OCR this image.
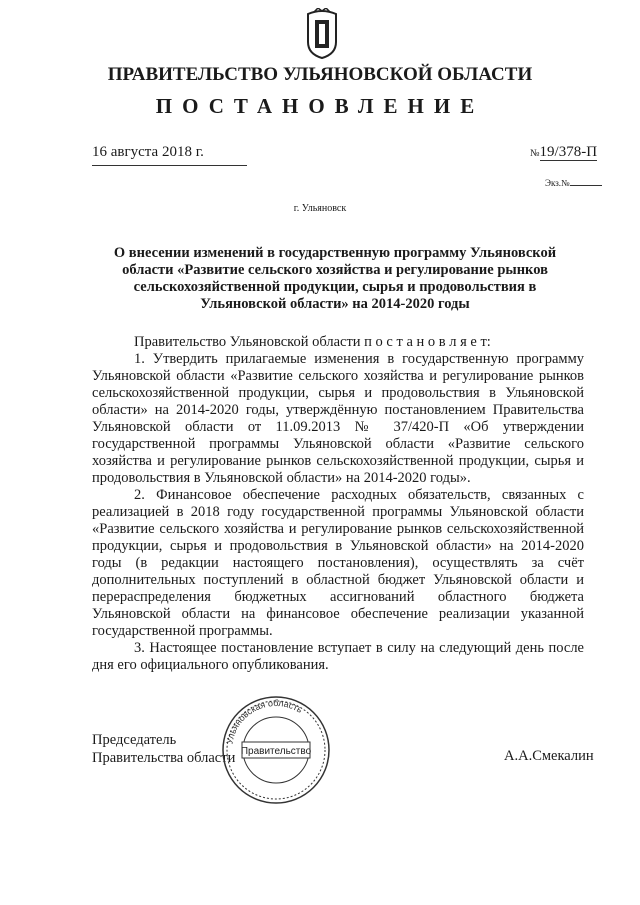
ПРАВИТЕЛЬСТВО УЛЬЯНОВСКОЙ ОБЛАСТИ
ПОСТАНОВЛЕНИЕ
16 августа 2018 г.	№19/378-П
Экз.№
г. Ульяновск
О внесении изменений в государственную программу Ульяновской области «Развитие сельского хозяйства и регулирование рынков сельскохозяйственной продукции, сырья и продовольствия в Ульяновской области» на 2014-2020 годы

Правительство Ульяновской области п о с т а н о в л я е т:

1. Утвердить прилагаемые изменения в государственную программу Ульяновской области «Развитие сельского хозяйства и регулирование рынков сельскохозяйственной продукции, сырья и продовольствия в Ульяновской области» на 2014-2020 годы, утверждённую постановлением Правительства Ульяновской области от 11.09.2013 № 37/420-П «Об утверждении государственной программы Ульяновской области «Развитие сельского хозяйства и регулирование рынков сельскохозяйственной продукции, сырья и продовольствия в Ульяновской области» на 2014-2020 годы».

2. Финансовое обеспечение расходных обязательств, связанных с реализацией в 2018 году государственной программы Ульяновской области «Развитие сельского хозяйства и регулирование рынков сельскохозяйственной продукции, сырья и продовольствия в Ульяновской области» на 2014-2020 годы (в редакции настоящего постановления), осуществлять за счёт дополнительных поступлений в областной бюджет Ульяновской области и перераспределения бюджетных ассигнований областного бюджета Ульяновской области на финансовое обеспечение реализации указанной государственной программы.

3. Настоящее постановление вступает в силу на следующий день после дня его официального опубликования.

Председатель
Правительства области
Ульяновская область
Правительство	А.А.Смекалин
